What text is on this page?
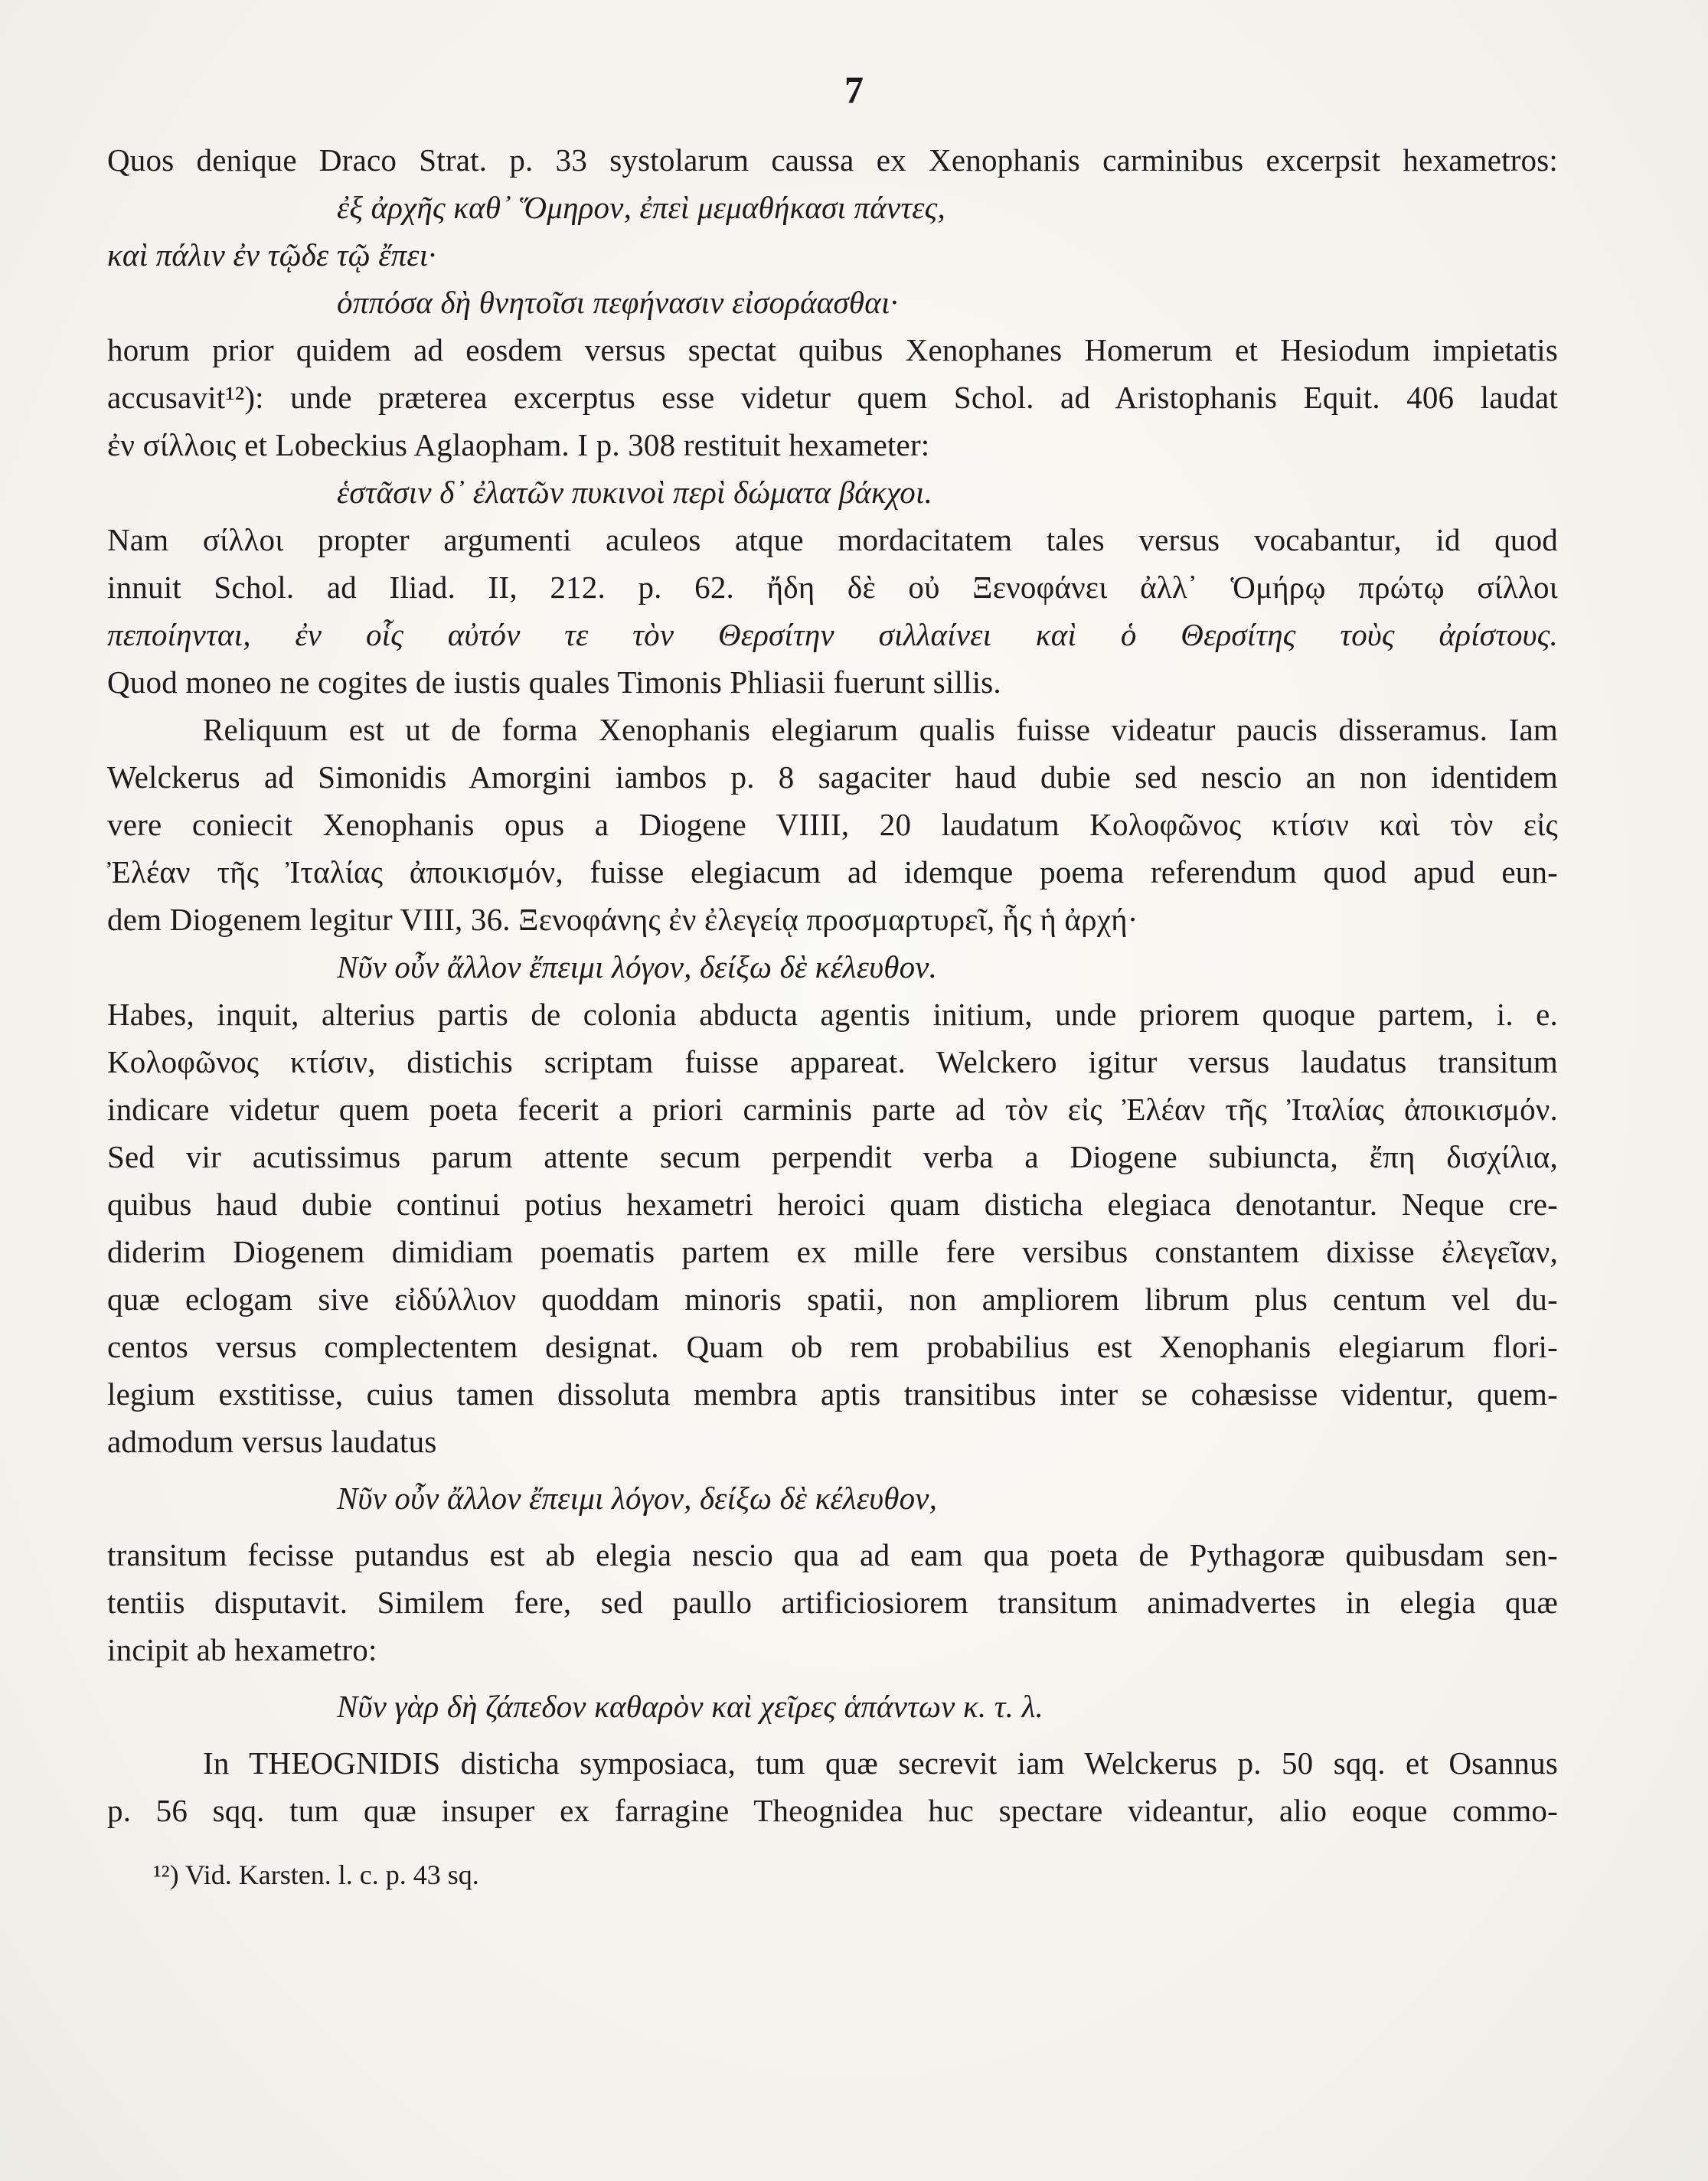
7
Quos denique Draco Strat. p. 33 systolarum caussa ex Xenophanis carminibus excerpsit hexametros:
ἐξ ἀρχῆς καθ᾽ Ὅμηρον, ἐπεὶ μεμαθήκασι πάντες,
καὶ πάλιν ἐν τῷδε τῷ ἔπει·
ὁππόσα δὴ θνητοῖσι πεφήνασιν εἰσοράασθαι·
horum prior quidem ad eosdem versus spectat quibus Xenophanes Homerum et Hesiodum impietatis
accusavit¹²): unde præterea excerptus esse videtur quem Schol. ad Aristophanis Equit. 406 laudat
ἐν σίλλοις et Lobeckius Aglaopham. I p. 308 restituit hexameter:
ἑστᾶσιν δ᾽ ἐλατῶν πυκινοὶ περὶ δώματα βάκχοι.
Nam σίλλοι propter argumenti aculeos atque mordacitatem tales versus vocabantur, id quod
innuit Schol. ad Iliad. II, 212. p. 62. ἤδη δὲ οὐ Ξενοφάνει ἀλλ᾽ Ὁμήρῳ πρώτῳ σίλλοι
πεποίηνται, ἐν οἷς αὐτόν τε τὸν Θερσίτην σιλλαίνει καὶ ὁ Θερσίτης τοὺς ἀρίστους.
Quod moneo ne cogites de iustis quales Timonis Phliasii fuerunt sillis.
Reliquum est ut de forma Xenophanis elegiarum qualis fuisse videatur paucis disseramus. Iam
Welckerus ad Simonidis Amorgini iambos p. 8 sagaciter haud dubie sed nescio an non identidem
vere coniecit Xenophanis opus a Diogene VIIII, 20 laudatum Κολοφῶνος κτίσιν καὶ τὸν εἰς
Ἐλέαν τῆς Ἰταλίας ἀποικισμόν, fuisse elegiacum ad idemque poema referendum quod apud eun-
dem Diogenem legitur VIII, 36. Ξενοφάνης ἐν ἐλεγείᾳ προσμαρτυρεῖ, ἧς ἡ ἀρχή·
Νῦν οὖν ἄλλον ἔπειμι λόγον, δείξω δὲ κέλευθον.
Habes, inquit, alterius partis de colonia abducta agentis initium, unde priorem quoque partem, i. e.
Κολοφῶνος κτίσιν, distichis scriptam fuisse appareat. Welckero igitur versus laudatus transitum
indicare videtur quem poeta fecerit a priori carminis parte ad τὸν εἰς Ἐλέαν τῆς Ἰταλίας ἀποικισμόν.
Sed vir acutissimus parum attente secum perpendit verba a Diogene subiuncta, ἔπη δισχίλια,
quibus haud dubie continui potius hexametri heroici quam disticha elegiaca denotantur. Neque cre-
diderim Diogenem dimidiam poematis partem ex mille fere versibus constantem dixisse ἐλεγεῖαν,
quæ eclogam sive εἰδύλλιον quoddam minoris spatii, non ampliorem librum plus centum vel du-
centos versus complectentem designat. Quam ob rem probabilius est Xenophanis elegiarum flori-
legium exstitisse, cuius tamen dissoluta membra aptis transitibus inter se cohæsisse videntur, quem-
admodum versus laudatus
Νῦν οὖν ἄλλον ἔπειμι λόγον, δείξω δὲ κέλευθον,
transitum fecisse putandus est ab elegia nescio qua ad eam qua poeta de Pythagoræ quibusdam sen-
tentiis disputavit. Similem fere, sed paullo artificiosiorem transitum animadvertes in elegia quæ
incipit ab hexametro:
Νῦν γὰρ δὴ ζάπεδον καθαρὸν καὶ χεῖρες ἁπάντων κ. τ. λ.
In THEOGNIDIS disticha symposiaca, tum quæ secrevit iam Welckerus p. 50 sqq. et Osannus
p. 56 sqq. tum quæ insuper ex farragine Theognidea huc spectare videantur, alio eoque commo-
¹²) Vid. Karsten. l. c. p. 43 sq.
